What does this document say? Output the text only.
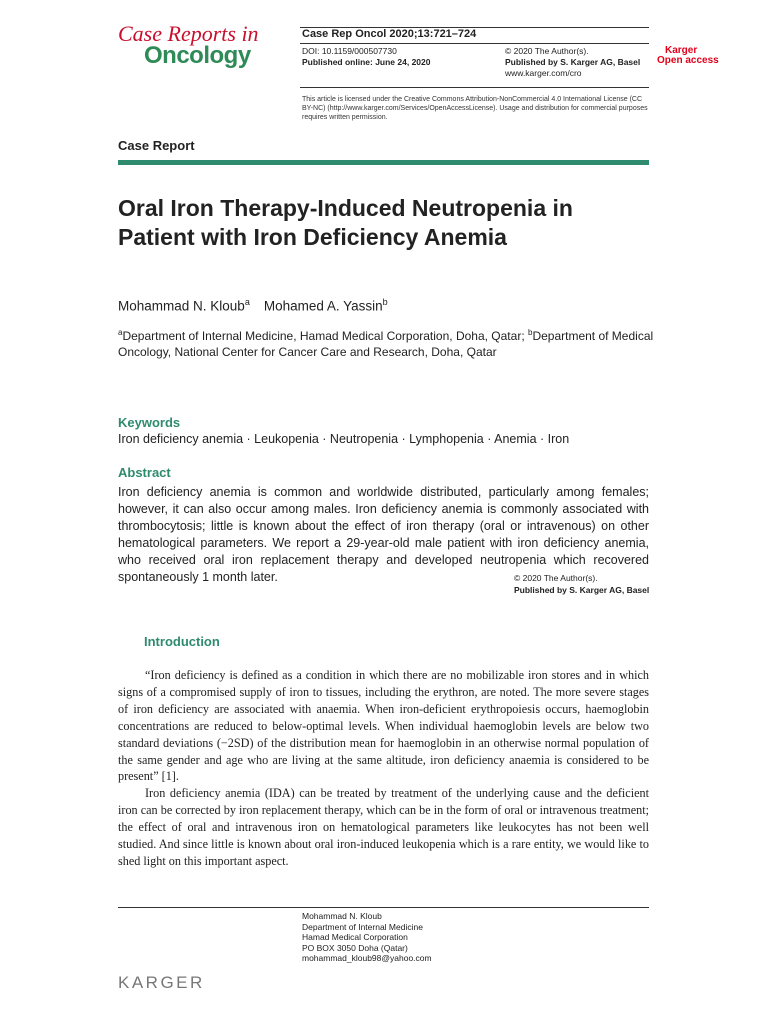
Case Reports in
Oncology
Case Rep Oncol 2020;13:721–724
DOI: 10.1159/000507730
Published online: June 24, 2020
© 2020 The Author(s).
Published by S. Karger AG, Basel
www.karger.com/cro
Karger
Open access
This article is licensed under the Creative Commons Attribution-NonCommercial 4.0 International License (CC BY-NC) (http://www.karger.com/Services/OpenAccessLicense). Usage and distribution for commercial purposes requires written permission.
Case Report
Oral Iron Therapy-Induced Neutropenia in Patient with Iron Deficiency Anemia
Mohammad N. Kloub$^a$ Mohamed A. Yassin$^b$
$^a$Department of Internal Medicine, Hamad Medical Corporation, Doha, Qatar; $^b$Department of Medical Oncology, National Center for Cancer Care and Research, Doha, Qatar
Keywords
Iron deficiency anemia · Leukopenia · Neutropenia · Lymphopenia · Anemia · Iron
Abstract
Iron deficiency anemia is common and worldwide distributed, particularly among females; however, it can also occur among males. Iron deficiency anemia is commonly associated with thrombocytosis; little is known about the effect of iron therapy (oral or intravenous) on other hematological parameters. We report a 29-year-old male patient with iron deficiency anemia, who received oral iron replacement therapy and developed neutropenia which recovered spontaneously 1 month later.	© 2020 The Author(s).
Published by S. Karger AG, Basel
Introduction

“Iron deficiency is defined as a condition in which there are no mobilizable iron stores and in which signs of a compromised supply of iron to tissues, including the erythron, are noted. The more severe stages of iron deficiency are associated with anaemia. When iron-deficient erythropoiesis occurs, haemoglobin concentrations are reduced to below-optimal levels. When individual haemoglobin levels are below two standard deviations (−2SD) of the distribution mean for haemoglobin in an otherwise normal population of the same gender and age who are living at the same altitude, iron deficiency anaemia is considered to be present” [1].

Iron deficiency anemia (IDA) can be treated by treatment of the underlying cause and the deficient iron can be corrected by iron replacement therapy, which can be in the form of oral or intravenous treatment; the effect of oral and intravenous iron on hematological parameters like leukocytes has not been well studied. And since little is known about oral iron-induced leukopenia which is a rare entity, we would like to shed light on this important aspect.

Mohammad N. Kloub
Department of Internal Medicine
Hamad Medical Corporation
PO BOX 3050 Doha (Qatar)
mohammad_kloub98@yahoo.com
KARGER
